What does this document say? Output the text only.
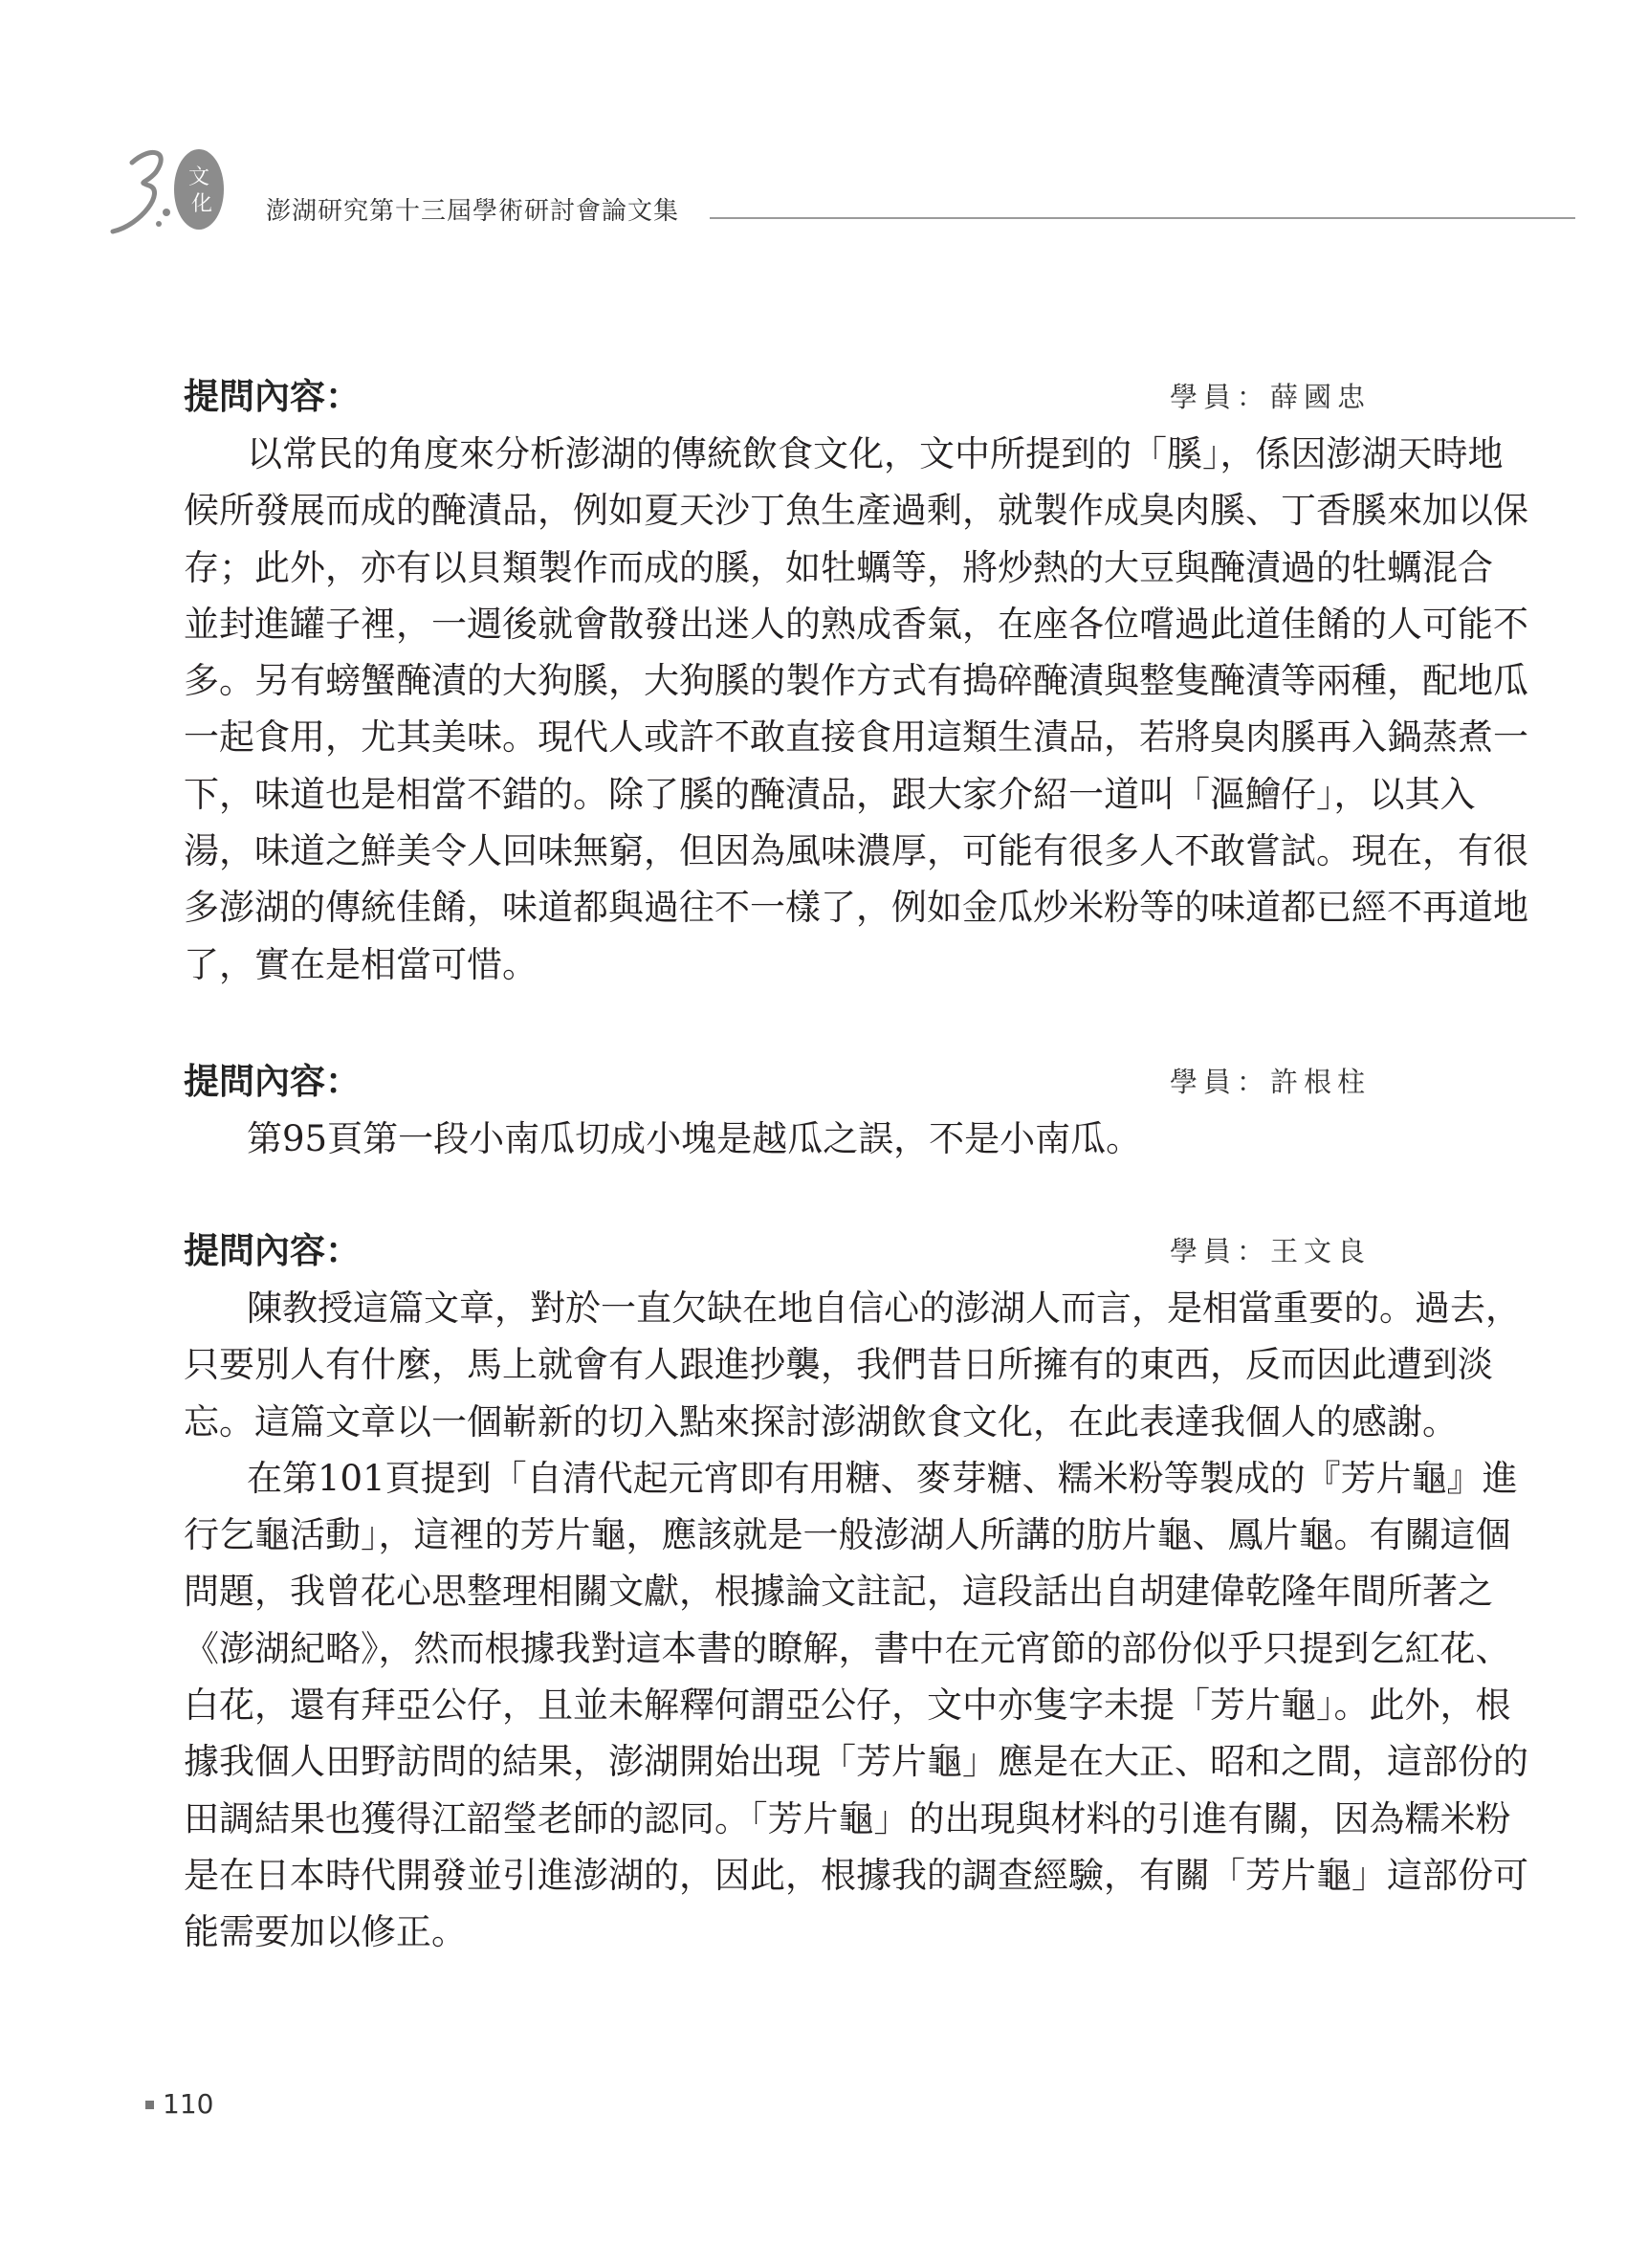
文
化 澎湖研究第十三屆學術研討會論文集
提問內容：	學員：薛國忠
以常民的角度來分析澎湖的傳統飲食文化，文中所提到的「膎」，係因澎湖天時地
候所發展而成的醃漬品，例如夏天沙丁魚生產過剩，就製作成臭肉膎、丁香膎來加以保
存；此外，亦有以貝類製作而成的膎，如牡蠣等，將炒熱的大豆與醃漬過的牡蠣混合
並封進罐子裡，一週後就會散發出迷人的熟成香氣，在座各位嚐過此道佳餚的人可能不
多。另有螃蟹醃漬的大狗膎，大狗膎的製作方式有搗碎醃漬與整隻醃漬等兩種，配地瓜
一起食用，尤其美味。現代人或許不敢直接食用這類生漬品，若將臭肉膎再入鍋蒸煮一
下，味道也是相當不錯的。除了膎的醃漬品，跟大家介紹一道叫「漚鱠仔」，以其入
湯，味道之鮮美令人回味無窮，但因為風味濃厚，可能有很多人不敢嘗試。現在，有很
多澎湖的傳統佳餚，味道都與過往不一樣了，例如金瓜炒米粉等的味道都已經不再道地
了，實在是相當可惜。
提問內容：	學員：許根柱
第95頁第一段小南瓜切成小塊是越瓜之誤，不是小南瓜。
提問內容：	學員：王文良
陳教授這篇文章，對於一直欠缺在地自信心的澎湖人而言，是相當重要的。過去，
只要別人有什麼，馬上就會有人跟進抄襲，我們昔日所擁有的東西，反而因此遭到淡
忘。這篇文章以一個嶄新的切入點來探討澎湖飲食文化，在此表達我個人的感謝。
在第101頁提到「自清代起元宵即有用糖、麥芽糖、糯米粉等製成的『芳片龜』進
行乞龜活動」，這裡的芳片龜，應該就是一般澎湖人所講的肪片龜、鳳片龜。有關這個
問題，我曾花心思整理相關文獻，根據論文註記，這段話出自胡建偉乾隆年間所著之
《澎湖紀略》，然而根據我對這本書的瞭解，書中在元宵節的部份似乎只提到乞紅花、
白花，還有拜亞公仔，且並未解釋何謂亞公仔，文中亦隻字未提「芳片龜」。此外，根
據我個人田野訪問的結果，澎湖開始出現「芳片龜」應是在大正、昭和之間，這部份的
田調結果也獲得江韶瑩老師的認同。「芳片龜」的出現與材料的引進有關，因為糯米粉
是在日本時代開發並引進澎湖的，因此，根據我的調查經驗，有關「芳片龜」這部份可
能需要加以修正。
110
